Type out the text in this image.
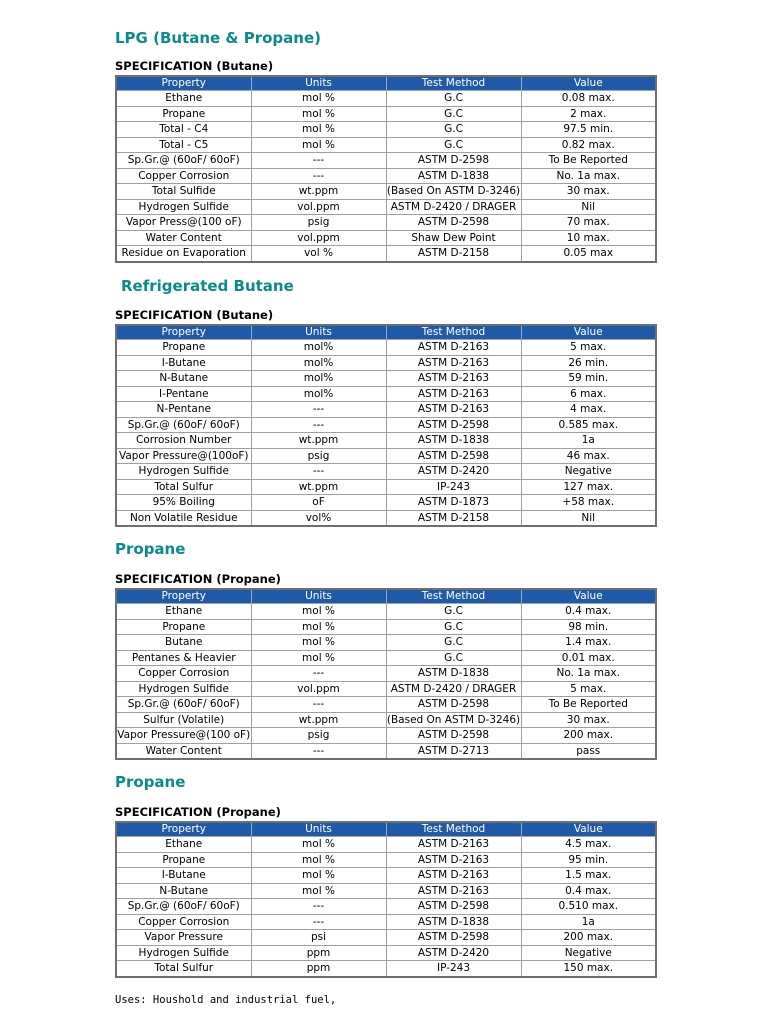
LPG (Butane & Propane)
SPECIFICATION (Butane)
Property	Units	Test Method	Value
Ethane	mol %	G.C	0.08 max.
Propane	mol %	G.C	2 max.
Total - C4	mol %	G.C	97.5 min.
Total - C5	mol %	G.C	0.82 max.
Sp.Gr.@ (60oF/ 60oF)	---	ASTM D-2598	To Be Reported
Copper Corrosion	---	ASTM D-1838	No. 1a max.
Total Sulfide	wt.ppm	(Based On ASTM D-3246)	30 max.
Hydrogen Sulfide	vol.ppm	ASTM D-2420 / DRAGER	Nil
Vapor Press@(100 oF)	psig	ASTM D-2598	70 max.
Water Content	vol.ppm	Shaw Dew Point	10 max.
Residue on Evaporation	vol %	ASTM D-2158	0.05 max
Refrigerated Butane
SPECIFICATION (Butane)
Property	Units	Test Method	Value
Propane	mol%	ASTM D-2163	5 max.
I-Butane	mol%	ASTM D-2163	26 min.
N-Butane	mol%	ASTM D-2163	59 min.
I-Pentane	mol%	ASTM D-2163	6 max.
N-Pentane	---	ASTM D-2163	4 max.
Sp.Gr.@ (60oF/ 60oF)	---	ASTM D-2598	0.585 max.
Corrosion Number	wt.ppm	ASTM D-1838	1a
Vapor Pressure@(100oF)	psig	ASTM D-2598	46 max.
Hydrogen Sulfide	---	ASTM D-2420	Negative
Total Sulfur	wt.ppm	IP-243	127 max.
95% Boiling	oF	ASTM D-1873	+58 max.
Non Volatile Residue	vol%	ASTM D-2158	Nil
Propane
SPECIFICATION (Propane)
Property	Units	Test Method	Value
Ethane	mol %	G.C	0.4 max.
Propane	mol %	G.C	98 min.
Butane	mol %	G.C	1.4 max.
Pentanes & Heavier	mol %	G.C	0.01 max.
Copper Corrosion	---	ASTM D-1838	No. 1a max.
Hydrogen Sulfide	vol.ppm	ASTM D-2420 / DRAGER	5 max.
Sp.Gr.@ (60oF/ 60oF)	---	ASTM D-2598	To Be Reported
Sulfur (Volatile)	wt.ppm	(Based On ASTM D-3246)	30 max.
Vapor Pressure@(100 oF)	psig	ASTM D-2598	200 max.
Water Content	---	ASTM D-2713	pass
Propane
SPECIFICATION (Propane)
Property	Units	Test Method	Value
Ethane	mol %	ASTM D-2163	4.5 max.
Propane	mol %	ASTM D-2163	95 min.
I-Butane	mol %	ASTM D-2163	1.5 max.
N-Butane	mol %	ASTM D-2163	0.4 max.
Sp.Gr.@ (60oF/ 60oF)	---	ASTM D-2598	0.510 max.
Copper Corrosion	---	ASTM D-1838	1a
Vapor Pressure	psi	ASTM D-2598	200 max.
Hydrogen Sulfide	ppm	ASTM D-2420	Negative
Total Sulfur	ppm	IP-243	150 max.
Uses: Houshold and industrial fuel,
